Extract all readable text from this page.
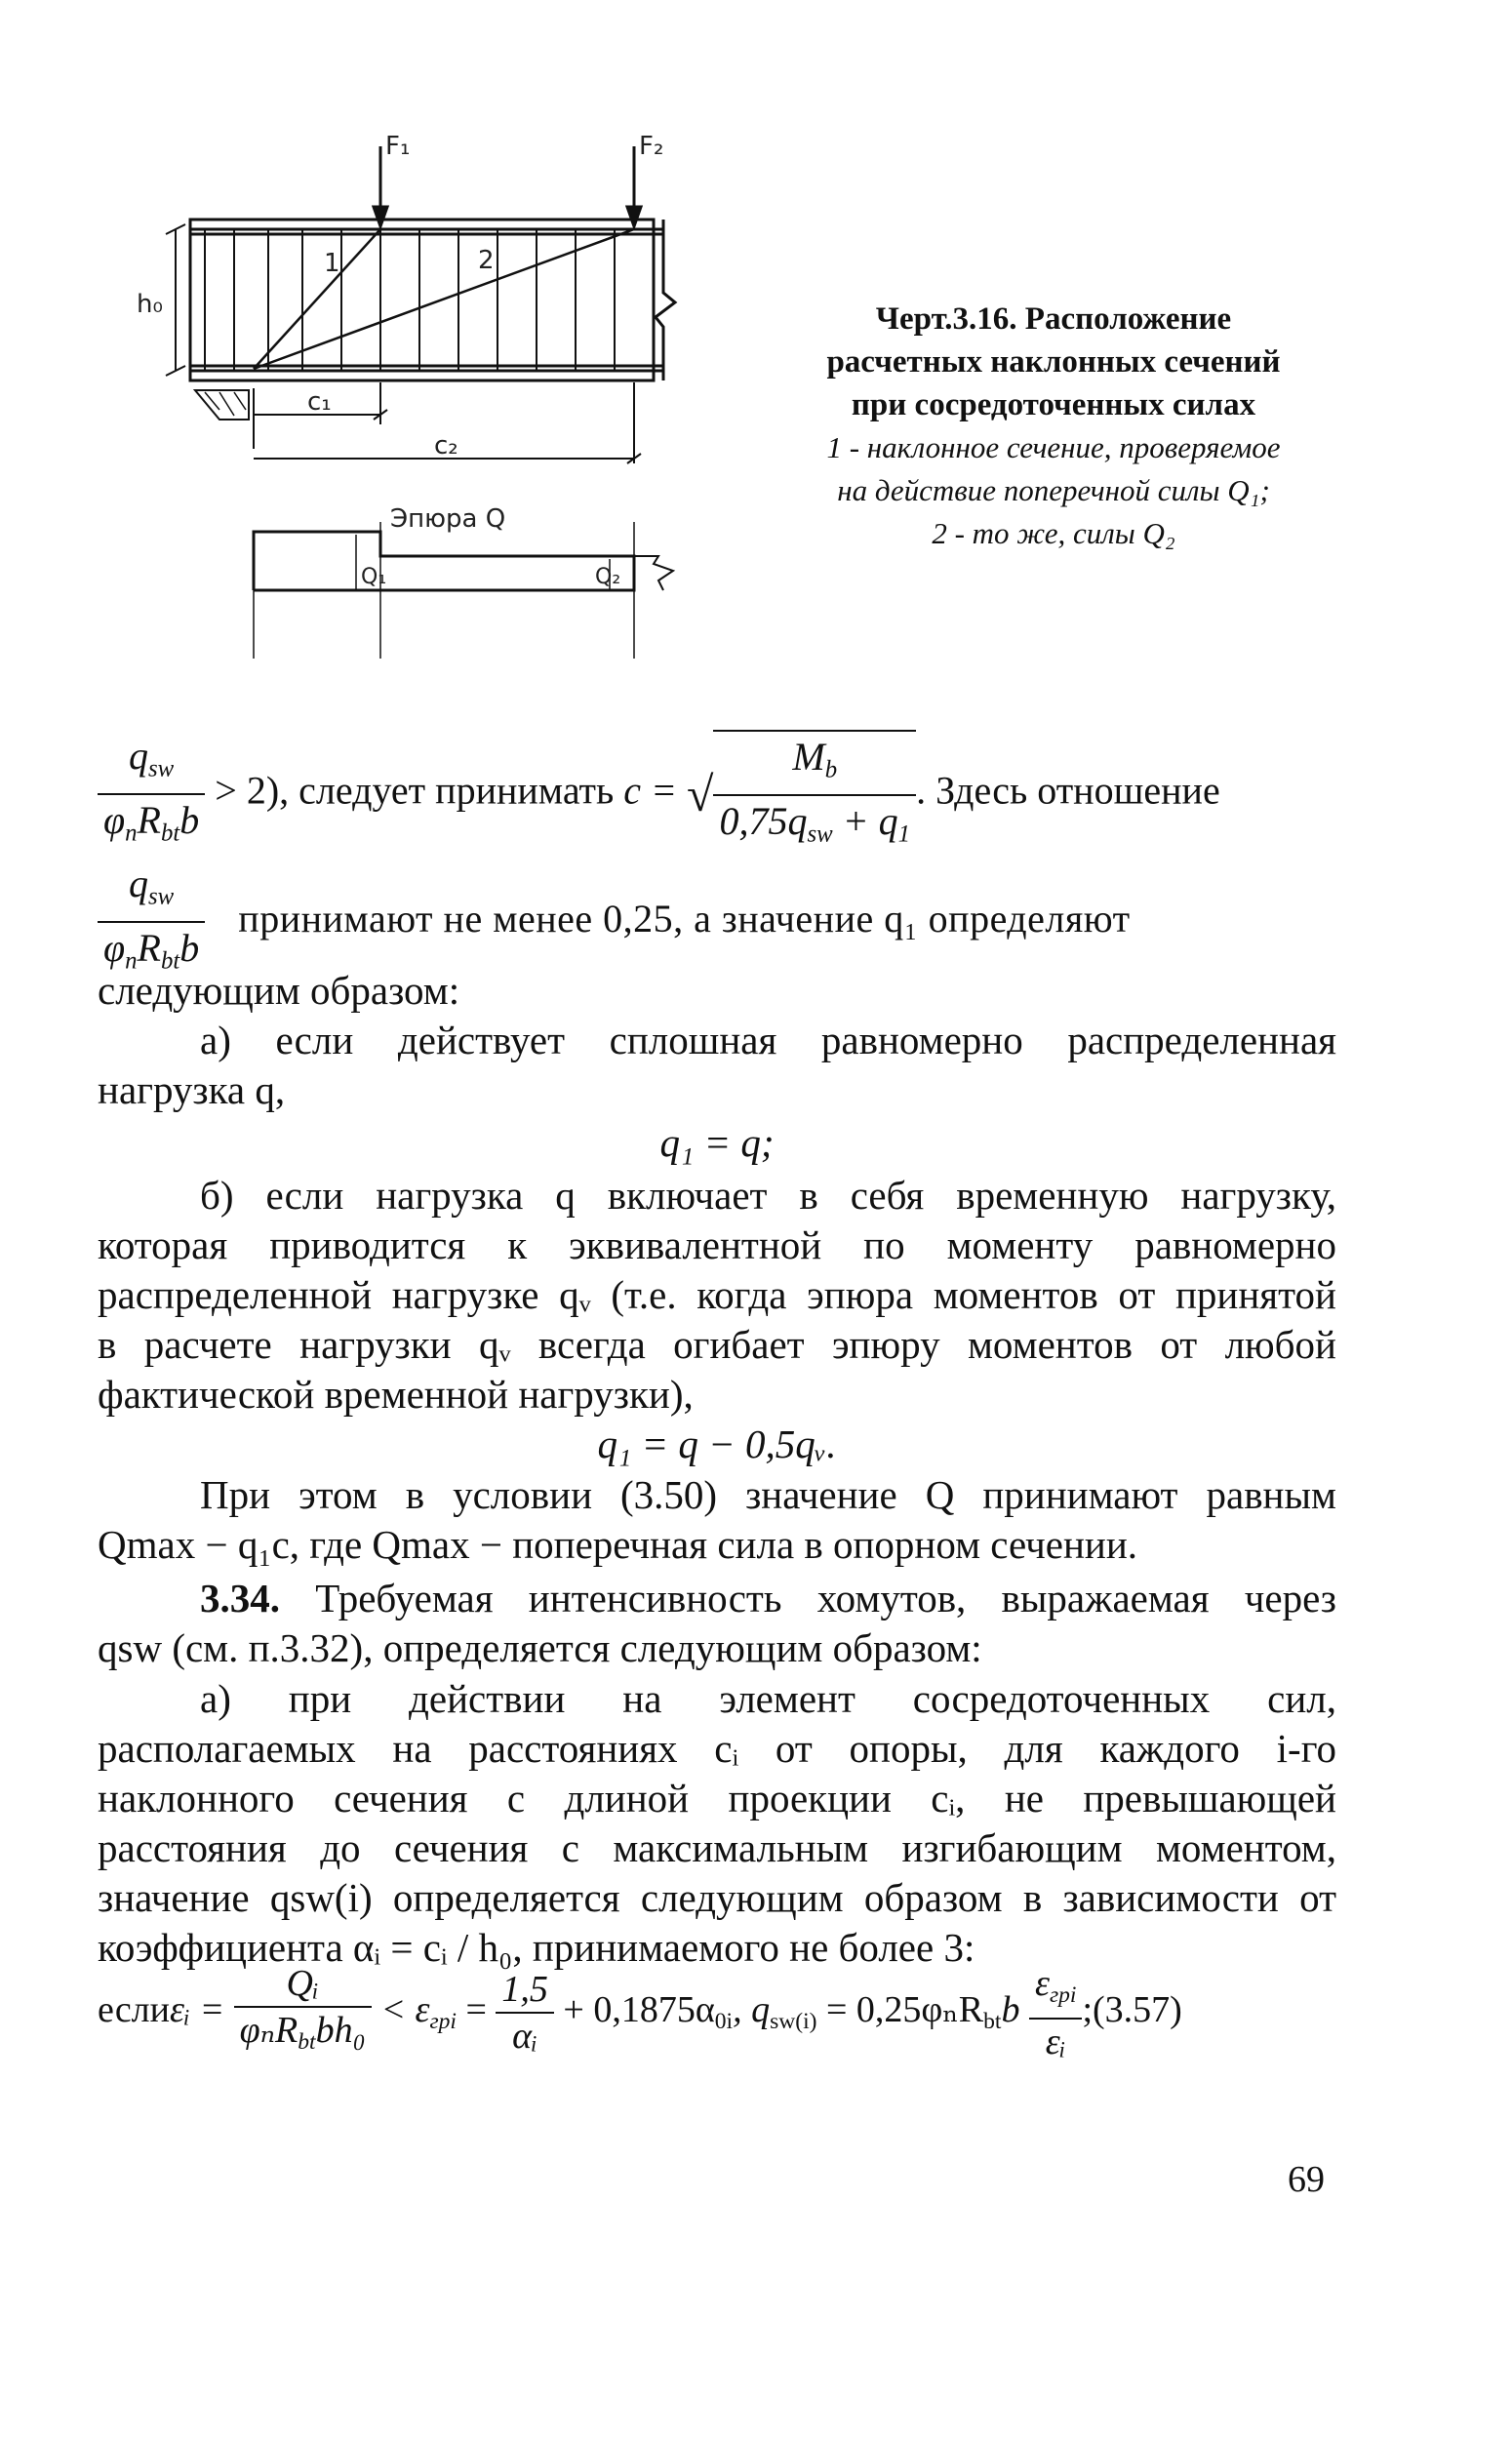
F₁	F₂
1	2
h₀
c₁
c₂
Эпюра Q
Q₁	Q₂
Черт.3.16. Расположение
расчетных наклонных сечений
при сосредоточенных силах
1 - наклонное сечение, проверяемое
на действие поперечной силы Q₁;
2 - то же, силы Q₂
$\frac{q_{sw}}{\varphi_nR_{bt}b} > 2$), следует принимать c = √ $\frac{M_b}{0,75q_{sw} + q_1}$ . Здесь отношение
$\frac{q_{sw}}{\varphi_nR_{bt}b}$ принимают не менее 0,25, а значение q₁ определяют
следующим образом:
а) если действует сплошная равномерно распределенная
нагрузка q,
q₁ = q;
б) если нагрузка q включает в себя временную нагрузку,
которая приводится к эквивалентной по моменту равномерно
распределенной нагрузке qᵥ (т.е. когда эпюра моментов от принятой
в расчете нагрузки qᵥ всегда огибает эпюру моментов от любой
фактической временной нагрузки),
q₁ = q − 0,5qᵥ.
При этом в условии (3.50) значение Q принимают равным
Qmax − q₁c, где Qmax − поперечная сила в опорном сечении.
3.34. Требуемая интенсивность хомутов, выражаемая через
qsw (см. п.3.32), определяется следующим образом:
а) при действии на элемент сосредоточенных сил,
располагаемых на расстояниях cᵢ от опоры, для каждого i-го
наклонного сечения с длиной проекции cᵢ, не превышающей
расстояния до сечения с максимальным изгибающим моментом,
значение qsw(i) определяется следующим образом в зависимости от
коэффициента αᵢ = cᵢ / h₀, принимаемого не более 3:
еслиεᵢ = $\frac{\text{Qᵢ}}{\varphi_nR_{bt}bh_0} < \varepsilon_{гpi} = \frac{1,5}{\text{αᵢ}} + 0,1875\alpha_{0i}$, $q_{sw(i)} = 0,25\varphi_nR_{bt}b \frac{\varepsilon_{гpi}}{\text{εᵢ}}$ ;(3.57)
69
